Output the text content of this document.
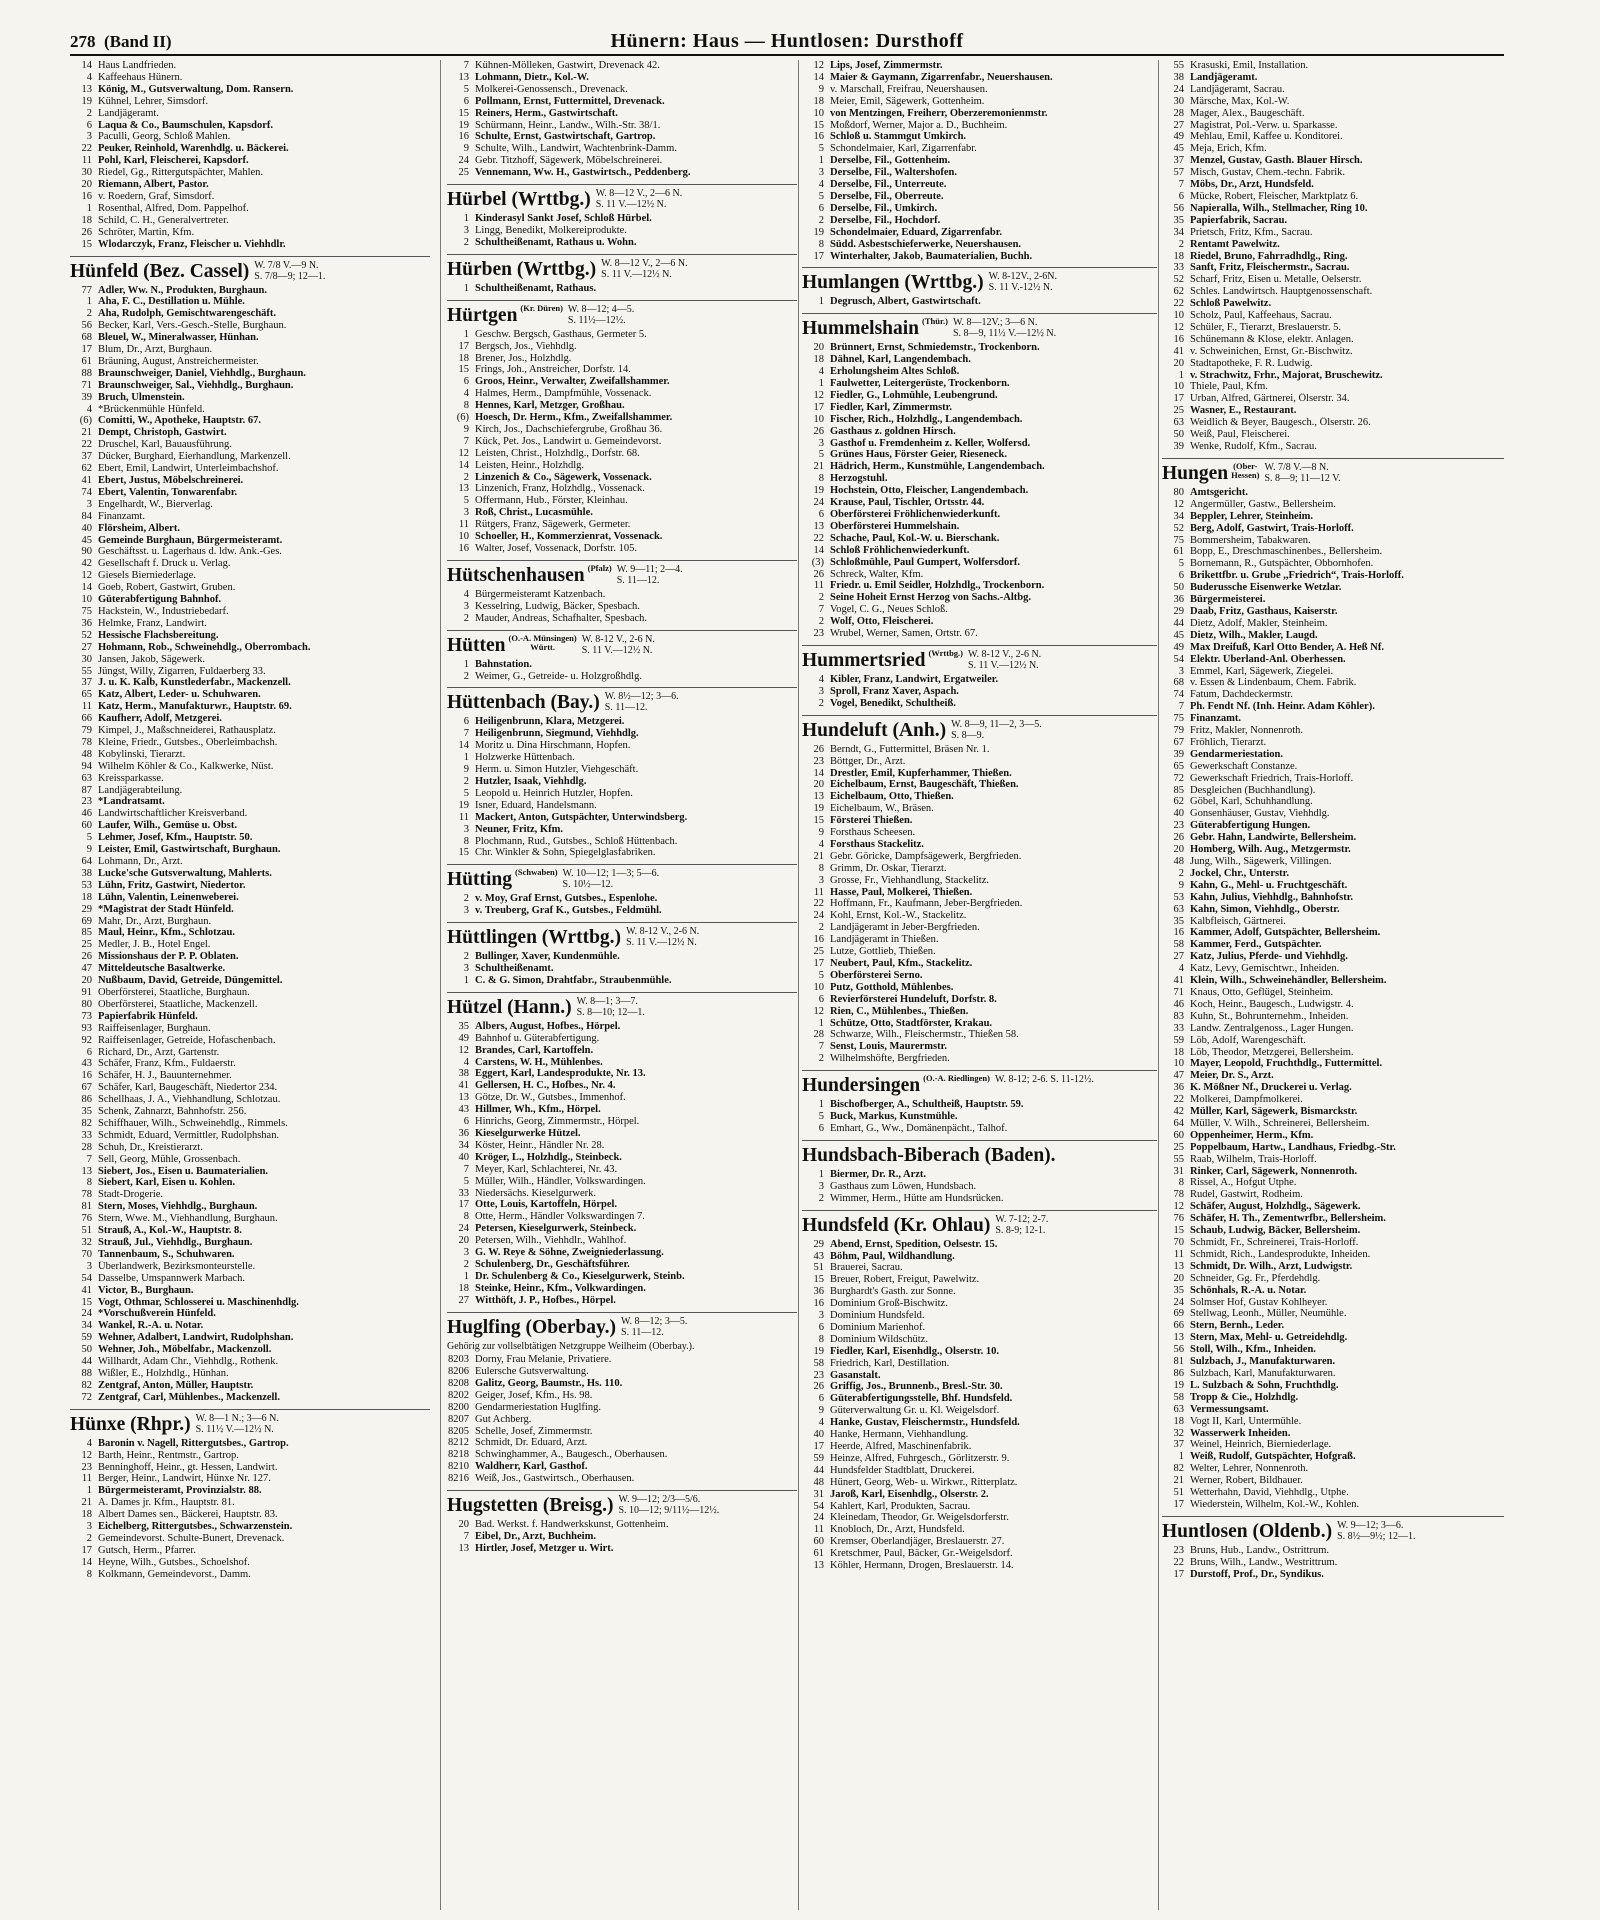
278 (Band II)	Hünern: Haus — Huntlosen: Dursthoff
14 Haus Landfrieden.
4 Kaffeehaus Hünern.
13 König, M., Gutsverwaltung, Dom. Ransern.
19 Kühnel, Lehrer, Simsdorf.
2 Landjägeramt.
6 Laqua & Co., Baumschulen, Kapsdorf.
3 Paculli, Georg, Schloß Mahlen.
22 Peuker, Reinhold, Warenhdlg. u. Bäckerei.
11 Pohl, Karl, Fleischerei, Kapsdorf.
30 Riedel, Gg., Rittergutspächter, Mahlen.
20 Riemann, Albert, Pastor.
16 v. Roedern, Graf, Simsdorf.
1 Rosenthal, Alfred, Dom. Pappelhof.
18 Schild, C. H., Generalvertreter.
26 Schröter, Martin, Kfm.
15 Wlodarczyk, Franz, Fleischer u. Viehhdlr.
Hünfeld (Bez. Cassel) W. 7/8 V.—9 N.
S. 7/8—9; 12—1.
77 Adler, Ww. N., Produkten, Burghaun.
1 Aha, F. C., Destillation u. Mühle.
2 Aha, Rudolph, Gemischtwarengeschäft.
56 Becker, Karl, Vers.-Gesch.-Stelle, Burghaun.
68 Bleuel, W., Mineralwasser, Hünhan.
17 Blum, Dr., Arzt, Burghaun.
61 Bräuning, August, Anstreichermeister.
88 Braunschweiger, Daniel, Viehhdlg., Burghaun.
71 Braunschweiger, Sal., Viehhdlg., Burghaun.
39 Bruch, Ulmenstein.
4 *Brückenmühle Hünfeld.
(6) Comitti, W., Apotheke, Hauptstr. 67.
21 Dempt, Christoph, Gastwirt.
22 Druschel, Karl, Bauausführung.
37 Dücker, Burghard, Eierhandlung, Markenzell.
62 Ebert, Emil, Landwirt, Unterleimbachshof.
41 Ebert, Justus, Möbelschreinerei.
74 Ebert, Valentin, Tonwarenfabr.
3 Engelhardt, W., Bierverlag.
84 Finanzamt.
40 Flörsheim, Albert.
45 Gemeinde Burghaun, Bürgermeisteramt.
90 Geschäftsst. u. Lagerhaus d. ldw. Ank.-Ges.
42 Gesellschaft f. Druck u. Verlag.
12 Giesels Bierniederlage.
14 Goeb, Robert, Gastwirt, Gruben.
10 Güterabfertigung Bahnhof.
75 Hackstein, W., Industriebedarf.
36 Helmke, Franz, Landwirt.
52 Hessische Flachsbereitung.
27 Hohmann, Rob., Schweinehdlg., Oberrombach.
30 Jansen, Jakob, Sägewerk.
55 Jüngst, Willy, Zigarren, Fuldaerberg 33.
37 J. u. K. Kalb, Kunstlederfabr., Mackenzell.
65 Katz, Albert, Leder- u. Schuhwaren.
11 Katz, Herm., Manufakturwr., Hauptstr. 69.
66 Kaufherr, Adolf, Metzgerei.
79 Kimpel, J., Maßschneiderei, Rathausplatz.
78 Kleine, Friedr., Gutsbes., Oberleimbachsh.
48 Kobylinski, Tierarzt.
94 Wilhelm Köhler & Co., Kalkwerke, Nüst.
63 Kreissparkasse.
87 Landjägerabteilung.
23 *Landratsamt.
46 Landwirtschaftlicher Kreisverband.
60 Laufer, Wilh., Gemüse u. Obst.
5 Lehmer, Josef, Kfm., Hauptstr. 50.
9 Leister, Emil, Gastwirtschaft, Burghaun.
64 Lohmann, Dr., Arzt.
38 Lucke'sche Gutsverwaltung, Mahlerts.
53 Lühn, Fritz, Gastwirt, Niedertor.
18 Lühn, Valentin, Leinenweberei.
29 *Magistrat der Stadt Hünfeld.
69 Mahr, Dr., Arzt, Burghaun.
85 Maul, Heinr., Kfm., Schlotzau.
25 Medler, J. B., Hotel Engel.
26 Missionshaus der P. P. Oblaten.
47 Mitteldeutsche Basaltwerke.
20 Nußbaum, David, Getreide, Düngemittel.
91 Oberförsterei, Staatliche, Burghaun.
80 Oberförsterei, Staatliche, Mackenzell.
73 Papierfabrik Hünfeld.
93 Raiffeisenlager, Burghaun.
92 Raiffeisenlager, Getreide, Hofaschenbach.
6 Richard, Dr., Arzt, Gartenstr.
43 Schäfer, Franz, Kfm., Fuldaerstr.
16 Schäfer, H. J., Bauunternehmer.
67 Schäfer, Karl, Baugeschäft, Niedertor 234.
86 Schellhaas, J. A., Viehhandlung, Schlotzau.
35 Schenk, Zahnarzt, Bahnhofstr. 256.
82 Schiffhauer, Wilh., Schweinehdlg., Rimmels.
33 Schmidt, Eduard, Vermittler, Rudolphshan.
28 Schuh, Dr., Kreistierarzt.
7 Sell, Georg, Mühle, Grossenbach.
13 Siebert, Jos., Eisen u. Baumaterialien.
8 Siebert, Karl, Eisen u. Kohlen.
78 Stadt-Drogerie.
81 Stern, Moses, Viehhdlg., Burghaun.
76 Stern, Wwe. M., Viehhandlung, Burghaun.
51 Strauß, A., Kol.-W., Hauptstr. 8.
32 Strauß, Jul., Viehhdlg., Burghaun.
70 Tannenbaum, S., Schuhwaren.
3 Überlandwerk, Bezirksmonteurstelle.
54 Dasselbe, Umspannwerk Marbach.
41 Victor, B., Burghaun.
15 Vogt, Othmar, Schlosserei u. Maschinenhdlg.
24 *Vorschußverein Hünfeld.
34 Wankel, R.-A. u. Notar.
59 Wehner, Adalbert, Landwirt, Rudolphshan.
50 Wehner, Joh., Möbelfabr., Mackenzoll.
44 Willhardt, Adam Chr., Viehhdlg., Rothenk.
88 Wißler, E., Holzhdlg., Hünhan.
82 Zentgraf, Anton, Müller, Hauptstr.
72 Zentgraf, Carl, Mühlenbes., Mackenzell.
Hünxe (Rhpr.) W. 8—1 N.; 3—6 N.
S. 11½ V.—12½ N.
4 Baronin v. Nagell, Rittergutsbes., Gartrop.
12 Barth, Heinr., Rentmstr., Gartrop.
23 Benninghoff, Heinr., gt. Hessen, Landwirt.
11 Berger, Heinr., Landwirt, Hünxe Nr. 127.
1 Bürgermeisteramt, Provinzialstr. 88.
21 A. Dames jr. Kfm., Hauptstr. 81.
18 Albert Dames sen., Bäckerei, Hauptstr. 83.
3 Eichelberg, Rittergutsbes., Schwarzenstein.
2 Gemeindevorst. Schulte-Bunert, Drevenack.
17 Gutsch, Herm., Pfarrer.
14 Heyne, Wilh., Gutsbes., Schoelshof.
8 Kolkmann, Gemeindevorst., Damm.
7 Kühnen-Mölleken, Gastwirt, Drevenack 42.
13 Lohmann, Dietr., Kol.-W.
5 Molkerei-Genossensch., Drevenack.
6 Pollmann, Ernst, Futtermittel, Drevenack.
15 Reiners, Herm., Gastwirtschaft.
19 Schürmann, Heinr., Landw., Wilh.-Str. 38/1.
16 Schulte, Ernst, Gastwirtschaft, Gartrop.
9 Schulte, Wilh., Landwirt, Wachtenbrink-Damm.
24 Gebr. Titzhoff, Sägewerk, Möbelschreinerei.
25 Vennemann, Ww. H., Gastwirtsch., Peddenberg.
Hürbel (Wrttbg.) W. 8—12 V., 2—6 N.
S. 11 V.—12½ N.
1 Kinderasyl Sankt Josef, Schloß Hürbel.
3 Lingg, Benedikt, Molkereiprodukte.
2 Schultheißenamt, Rathaus u. Wohn.
Hürben (Wrttbg.) W. 8—12 V., 2—6 N.
S. 11 V.—12½ N.
1 Schultheißenamt, Rathaus.
Hürtgen (Kr. Düren) W. 8—12; 4—5.
S. 11½—12½.
1 Geschw. Bergsch, Gasthaus, Germeter 5.
17 Bergsch, Jos., Viehhdlg.
18 Brener, Jos., Holzhdlg.
15 Frings, Joh., Anstreicher, Dorfstr. 14.
6 Groos, Heinr., Verwalter, Zweifallshammer.
4 Halmes, Herm., Dampfmühle, Vossenack.
8 Hennes, Karl, Metzger, Großhau.
(6) Hoesch, Dr. Herm., Kfm., Zweifallshammer.
9 Kirch, Jos., Dachschiefergrube, Großhau 36.
7 Kück, Pet. Jos., Landwirt u. Gemeindevorst.
12 Leisten, Christ., Holzhdlg., Dorfstr. 68.
14 Leisten, Heinr., Holzhdlg.
2 Linzenich & Co., Sägewerk, Vossenack.
13 Linzenich, Franz, Holzhdlg., Vossenack.
5 Offermann, Hub., Förster, Kleinhau.
3 Roß, Christ., Lucasmühle.
11 Rütgers, Franz, Sägewerk, Germeter.
10 Schoeller, H., Kommerzienrat, Vossenack.
16 Walter, Josef, Vossenack, Dorfstr. 105.
Hütschenhausen (Pfalz) W. 9—11; 2—4.
S. 11—12.
4 Bürgermeisteramt Katzenbach.
3 Kesselring, Ludwig, Bäcker, Spesbach.
2 Mauder, Andreas, Schafhalter, Spesbach.
Hütten (O.-A. Münsingen)
Württ.
W. 8-12 V., 2-6 N.
S. 11 V.—12½ N.
1 Bahnstation.
2 Weimer, G., Getreide- u. Holzgroßhdlg.
Hüttenbach (Bay.) W. 8½—12; 3—6.
S. 11—12.
6 Heiligenbrunn, Klara, Metzgerei.
7 Heiligenbrunn, Siegmund, Viehhdlg.
14 Moritz u. Dina Hirschmann, Hopfen.
1 Holzwerke Hüttenbach.
9 Herm. u. Simon Hutzler, Viehgeschäft.
2 Hutzler, Isaak, Viehhdlg.
5 Leopold u. Heinrich Hutzler, Hopfen.
19 Isner, Eduard, Handelsmann.
11 Mackert, Anton, Gutspächter, Unterwindsberg.
3 Neuner, Fritz, Kfm.
8 Plochmann, Rud., Gutsbes., Schloß Hüttenbach.
15 Chr. Winkler & Sohn, Spiegelglasfabriken.
Hütting (Schwaben) W. 10—12; 1—3; 5—6.
S. 10½—12.
2 v. Moy, Graf Ernst, Gutsbes., Espenlohe.
3 v. Treuberg, Graf K., Gutsbes., Feldmühl.
Hüttlingen (Wrttbg.) W. 8-12 V., 2-6 N.
S. 11 V.—12½ N.
2 Bullinger, Xaver, Kundenmühle.
3 Schultheißenamt.
1 C. & G. Simon, Drahtfabr., Straubenmühle.
Hützel (Hann.) W. 8—1; 3—7.
S. 8—10; 12—1.
35 Albers, August, Hofbes., Hörpel.
49 Bahnhof u. Güterabfertigung.
12 Brandes, Carl, Kartoffeln.
4 Carstens, W. H., Mühlenbes.
38 Eggert, Karl, Landesprodukte, Nr. 13.
41 Gellersen, H. C., Hofbes., Nr. 4.
13 Götze, Dr. W., Gutsbes., Immenhof.
43 Hillmer, Wh., Kfm., Hörpel.
6 Hinrichs, Georg, Zimmermstr., Hörpel.
36 Kieselgurwerke Hützel.
34 Köster, Heinr., Händler Nr. 28.
40 Kröger, L., Holzhdlg., Steinbeck.
7 Meyer, Karl, Schlachterei, Nr. 43.
5 Müller, Wilh., Händler, Volkswardingen.
33 Niedersächs. Kieselgurwerk.
17 Otte, Louis, Kartoffeln, Hörpel.
8 Otte, Herm., Händler Volkswardingen 7.
24 Petersen, Kieselgurwerk, Steinbeck.
20 Petersen, Wilh., Viehhdlr., Wahlhof.
3 G. W. Reye & Söhne, Zweigniederlassung.
2 Schulenberg, Dr., Geschäftsführer.
1 Dr. Schulenberg & Co., Kieselgurwerk, Steinb.
18 Steinke, Heinr., Kfm., Volkwardingen.
27 Witthöft, J. P., Hofbes., Hörpel.
Huglfing (Oberbay.) W. 8—12; 3—5.
S. 11—12.
Gehörig zur vollselbtätigen Netzgruppe Weilheim (Oberbay.).
8203 Dorny, Frau Melanie, Privatiere.
8206 Eulersche Gutsverwaltung.
8208 Galitz, Georg, Baumstr., Hs. 110.
8202 Geiger, Josef, Kfm., Hs. 98.
8200 Gendarmeriestation Huglfing.
8207 Gut Achberg.
8205 Schelle, Josef, Zimmermstr.
8212 Schmidt, Dr. Eduard, Arzt.
8218 Schwinghammer, A., Baugesch., Oberhausen.
8210 Waldherr, Karl, Gasthof.
8216 Weiß, Jos., Gastwirtsch., Oberhausen.
Hugstetten (Breisg.) W. 9—12; 2/3—5/6.
S. 10—12; 9/11½—12½.
20 Bad. Werkst. f. Handwerkskunst, Gottenheim.
7 Eibel, Dr., Arzt, Buchheim.
13 Hirtler, Josef, Metzger u. Wirt.
12 Lips, Josef, Zimmermstr.
14 Maier & Gaymann, Zigarrenfabr., Neuershausen.
9 v. Marschall, Freifrau, Neuershausen.
18 Meier, Emil, Sägewerk, Gottenheim.
10 von Mentzingen, Freiherr, Oberzeremonienmstr.
15 Moßdorf, Werner, Major a. D., Buchheim.
16 Schloß u. Stammgut Umkirch.
5 Schondelmaier, Karl, Zigarrenfabr.
1 Derselbe, Fil., Gottenheim.
3 Derselbe, Fil., Waltershofen.
4 Derselbe, Fil., Unterreute.
5 Derselbe, Fil., Oberreute.
6 Derselbe, Fil., Umkirch.
2 Derselbe, Fil., Hochdorf.
19 Schondelmaier, Eduard, Zigarrenfabr.
8 Südd. Asbestschieferwerke, Neuershausen.
17 Winterhalter, Jakob, Baumaterialien, Buchh.
Humlangen (Wrttbg.) W. 8-12V., 2-6N.
S. 11 V.-12½ N.
1 Degrusch, Albert, Gastwirtschaft.
Hummelshain (Thür.) W. 8—12V.; 3—6 N.
S. 8—9, 11½ V.—12½ N.
20 Brünnert, Ernst, Schmiedemstr., Trockenborn.
18 Dähnel, Karl, Langendembach.
4 Erholungsheim Altes Schloß.
1 Faulwetter, Leitergerüste, Trockenborn.
12 Fiedler, G., Lohmühle, Leubengrund.
17 Fiedler, Karl, Zimmermstr.
10 Fischer, Rich., Holzhdlg., Langendembach.
26 Gasthaus z. goldnen Hirsch.
3 Gasthof u. Fremdenheim z. Keller, Wolfersd.
5 Grünes Haus, Förster Geier, Rieseneck.
21 Hädrich, Herm., Kunstmühle, Langendembach.
8 Herzogstuhl.
19 Hochstein, Otto, Fleischer, Langendembach.
24 Krause, Paul, Tischler, Ortsstr. 44.
6 Oberförsterei Fröhlichenwiederkunft.
13 Oberförsterei Hummelshain.
22 Schache, Paul, Kol.-W. u. Bierschank.
14 Schloß Fröhlichenwiederkunft.
(3) Schloßmühle, Paul Gumpert, Wolfersdorf.
26 Schreck, Walter, Kfm.
11 Friedr. u. Emil Seidler, Holzhdlg., Trockenborn.
2 Seine Hoheit Ernst Herzog von Sachs.-Altbg.
7 Vogel, C. G., Neues Schloß.
2 Wolf, Otto, Fleischerei.
23 Wrubel, Werner, Samen, Ortstr. 67.
Hummertsried (Wrttbg.) W. 8-12 V., 2-6 N.
S. 11 V.—12½ N.
4 Kibler, Franz, Landwirt, Ergatweiler.
3 Sproll, Franz Xaver, Aspach.
2 Vogel, Benedikt, Schultheiß.
Hundeluft (Anh.) W. 8—9, 11—2, 3—5.
S. 8—9.
26 Berndt, G., Futtermittel, Bräsen Nr. 1.
23 Böttger, Dr., Arzt.
14 Drestler, Emil, Kupferhammer, Thießen.
20 Eichelbaum, Ernst, Baugeschäft, Thießen.
13 Eichelbaum, Otto, Thießen.
19 Eichelbaum, W., Bräsen.
15 Försterei Thießen.
9 Forsthaus Scheesen.
4 Forsthaus Stackelitz.
21 Gebr. Göricke, Dampfsägewerk, Bergfrieden.
8 Grimm, Dr. Oskar, Tierarzt.
3 Grosse, Fr., Viehhandlung, Stackelitz.
11 Hasse, Paul, Molkerei, Thießen.
22 Hoffmann, Fr., Kaufmann, Jeber-Bergfrieden.
24 Kohl, Ernst, Kol.-W., Stackelitz.
2 Landjägeramt in Jeber-Bergfrieden.
16 Landjägeramt in Thießen.
25 Lutze, Gottlieb, Thießen.
17 Neubert, Paul, Kfm., Stackelitz.
5 Oberförsterei Serno.
10 Putz, Gotthold, Mühlenbes.
6 Revierförsterei Hundeluft, Dorfstr. 8.
12 Rien, C., Mühlenbes., Thießen.
1 Schütze, Otto, Stadtförster, Krakau.
28 Schwarze, Wilh., Fleischermstr., Thießen 58.
7 Senst, Louis, Maurermstr.
2 Wilhelmshöfte, Bergfrieden.
Hundersingen (O.-A. Riedlingen) W. 8-12; 2-6. S. 11-12½.
1 Bischofberger, A., Schultheiß, Hauptstr. 59.
5 Buck, Markus, Kunstmühle.
6 Emhart, G., Ww., Domänenpächt., Talhof.
Hundsbach-Biberach (Baden).
1 Biermer, Dr. R., Arzt.
3 Gasthaus zum Löwen, Hundsbach.
2 Wimmer, Herm., Hütte am Hundsrücken.
Hundsfeld (Kr. Ohlau) W. 7-12; 2-7.
S. 8-9; 12-1.
29 Abend, Ernst, Spedition, Oelsestr. 15.
43 Böhm, Paul, Wildhandlung.
51 Brauerei, Sacrau.
15 Breuer, Robert, Freigut, Pawelwitz.
36 Burghardt's Gasth. zur Sonne.
16 Dominium Groß-Bischwitz.
3 Dominium Hundsfeld.
6 Dominium Marienhof.
8 Dominium Wildschütz.
19 Fiedler, Karl, Eisenhdlg., Ölserstr. 10.
58 Friedrich, Karl, Destillation.
23 Gasanstalt.
26 Griffig, Jos., Brunnenb., Bresl.-Str. 30.
6 Güterabfertigungsstelle, Bhf. Hundsfeld.
9 Güterverwaltung Gr. u. Kl. Weigelsdorf.
4 Hanke, Gustav, Fleischermstr., Hundsfeld.
40 Hanke, Hermann, Viehhandlung.
17 Heerde, Alfred, Maschinenfabrik.
59 Heinze, Alfred, Fuhrgesch., Görlitzerstr. 9.
44 Hundsfelder Stadtblatt, Druckerei.
48 Hünert, Georg, Web- u. Wirkwr., Ritterplatz.
31 Jaroß, Karl, Eisenhdlg., Ölserstr. 2.
54 Kahlert, Karl, Produkten, Sacrau.
24 Kleinedam, Theodor, Gr. Weigelsdorferstr.
11 Knobloch, Dr., Arzt, Hundsfeld.
60 Kremser, Oberlandjäger, Breslauerstr. 27.
61 Kretschmer, Paul, Bäcker, Gr.-Weigelsdorf.
13 Köhler, Hermann, Drogen, Breslauerstr. 14.
55 Krasuski, Emil, Installation.
38 Landjägeramt.
24 Landjägeramt, Sacrau.
30 Märsche, Max, Kol.-W.
28 Mager, Alex., Baugeschäft.
27 Magistrat, Pol.-Verw. u. Sparkasse.
49 Mehlau, Emil, Kaffee u. Konditorei.
45 Meja, Erich, Kfm.
37 Menzel, Gustav, Gasth. Blauer Hirsch.
57 Misch, Gustav, Chem.-techn. Fabrik.
7 Möbs, Dr., Arzt, Hundsfeld.
6 Mücke, Robert, Fleischer, Marktplatz 6.
56 Napieralla, Wilh., Stellmacher, Ring 10.
35 Papierfabrik, Sacrau.
34 Prietsch, Fritz, Kfm., Sacrau.
2 Rentamt Pawelwitz.
18 Riedel, Bruno, Fahrradhdlg., Ring.
33 Sanft, Fritz, Fleischermstr., Sacrau.
52 Scharf, Fritz, Eisen u. Metalle, Oelserstr.
62 Schles. Landwirtsch. Hauptgenossenschaft.
22 Schloß Pawelwitz.
10 Scholz, Paul, Kaffeehaus, Sacrau.
12 Schüler, F., Tierarzt, Breslauerstr. 5.
16 Schünemann & Klose, elektr. Anlagen.
41 v. Schweinichen, Ernst, Gr.-Bischwitz.
20 Stadtapotheke, F. R. Ludwig.
1 v. Strachwitz, Frhr., Majorat, Bruschewitz.
10 Thiele, Paul, Kfm.
17 Urban, Alfred, Gärtnerei, Ölserstr. 34.
25 Wasner, E., Restaurant.
63 Weidlich & Beyer, Baugesch., Ölserstr. 26.
50 Weiß, Paul, Fleischerei.
39 Wenke, Rudolf, Kfm., Sacrau.
Hungen (Ober-
Hessen)
W. 7/8 V.—8 N.
S. 8—9; 11—12 V.
80 Amtsgericht.
12 Angermüller, Gastw., Bellersheim.
34 Beppler, Lehrer, Steinheim.
52 Berg, Adolf, Gastwirt, Trais-Horloff.
75 Bommersheim, Tabakwaren.
61 Bopp, E., Dreschmaschinenbes., Bellersheim.
5 Bornemann, R., Gutspächter, Obbornhofen.
6 Brikettfbr. u. Grube ,,Friedrich“, Trais-Horloff.
50 Buderussche Eisenwerke Wetzlar.
36 Bürgermeisterei.
29 Daab, Fritz, Gasthaus, Kaiserstr.
44 Dietz, Adolf, Makler, Steinheim.
45 Dietz, Wilh., Makler, Laugd.
49 Max Dreifuß, Karl Otto Bender, A. Heß Nf.
54 Elektr. Überland-Anl. Oberhessen.
3 Emmel, Karl, Sägewerk, Ziegelei.
68 v. Essen & Lindenbaum, Chem. Fabrik.
74 Fatum, Dachdeckermstr.
7 Ph. Fendt Nf. (Inh. Heinr. Adam Köhler).
75 Finanzamt.
79 Fritz, Makler, Nonnenroth.
67 Fröhlich, Tierarzt.
39 Gendarmeriestation.
65 Gewerkschaft Constanze.
72 Gewerkschaft Friedrich, Trais-Horloff.
85 Desgleichen (Buchhandlung).
62 Göbel, Karl, Schuhhandlung.
40 Gonsenhäuser, Gustav, Viehhdlg.
23 Güterabfertigung Hungen.
26 Gebr. Hahn, Landwirte, Bellersheim.
20 Homberg, Wilh. Aug., Metzgermstr.
48 Jung, Wilh., Sägewerk, Villingen.
2 Jockel, Chr., Unterstr.
9 Kahn, G., Mehl- u. Fruchtgeschäft.
53 Kahn, Julius, Viehhdlg., Bahnhofstr.
63 Kahn, Simon, Viehhdlg., Oberstr.
35 Kalbfleisch, Gärtnerei.
16 Kammer, Adolf, Gutspächter, Bellersheim.
58 Kammer, Ferd., Gutspächter.
27 Katz, Julius, Pferde- und Viehhdlg.
4 Katz, Levy, Gemischtwr., Inheiden.
41 Klein, Wilh., Schweinehändler, Bellersheim.
71 Knaus, Otto, Geflügel, Steinheim.
46 Koch, Heinr., Baugesch., Ludwigstr. 4.
83 Kuhn, St., Bohrunternehm., Inheiden.
33 Landw. Zentralgenoss., Lager Hungen.
59 Löb, Adolf, Warengeschäft.
18 Löb, Theodor, Metzgerei, Bellersheim.
10 Mayer, Leopold, Fruchthdlg., Futtermittel.
47 Meier, Dr. S., Arzt.
36 K. Mößner Nf., Druckerei u. Verlag.
22 Molkerei, Dampfmolkerei.
42 Müller, Karl, Sägewerk, Bismarckstr.
64 Müller, V. Wilh., Schreinerei, Bellersheim.
60 Oppenheimer, Herm., Kfm.
25 Poppelbaum, Hartw., Landhaus, Friedbg.-Str.
55 Raab, Wilhelm, Trais-Horloff.
31 Rinker, Carl, Sägewerk, Nonnenroth.
8 Rissel, A., Hofgut Utphe.
78 Rudel, Gastwirt, Rodheim.
12 Schäfer, August, Holzhdlg., Sägewerk.
76 Schäfer, H. Th., Zementwrfbr., Bellersheim.
15 Schaub, Ludwig, Bäcker, Bellersheim.
70 Schmidt, Fr., Schreinerei, Trais-Horloff.
11 Schmidt, Rich., Landesprodukte, Inheiden.
13 Schmidt, Dr. Wilh., Arzt, Ludwigstr.
20 Schneider, Gg. Fr., Pferdehdlg.
35 Schönhals, R.-A. u. Notar.
24 Solmser Hof, Gustav Kohlheyer.
69 Stellwag, Leonh., Müller, Neumühle.
66 Stern, Bernh., Leder.
13 Stern, Max, Mehl- u. Getreidehdlg.
56 Stoll, Wilh., Kfm., Inheiden.
81 Sulzbach, J., Manufakturwaren.
86 Sulzbach, Karl, Manufakturwaren.
19 L. Sulzbach & Sohn, Fruchthdlg.
58 Tropp & Cie., Holzhdlg.
63 Vermessungsamt.
18 Vogt II, Karl, Untermühle.
32 Wasserwerk Inheiden.
37 Weinel, Heinrich, Bierniederlage.
1 Weiß, Rudolf, Gutspächter, Hofgraß.
82 Welter, Lehrer, Nonnenroth.
21 Werner, Robert, Bildhauer.
51 Wetterhahn, David, Viehhdlg., Utphe.
17 Wiederstein, Wilhelm, Kol.-W., Kohlen.
Huntlosen (Oldenb.) W. 9—12; 3—6.
S. 8½—9½; 12—1.
23 Bruns, Hub., Landw., Ostrittrum.
22 Bruns, Wilh., Landw., Westrittrum.
17 Durstoff, Prof., Dr., Syndikus.
